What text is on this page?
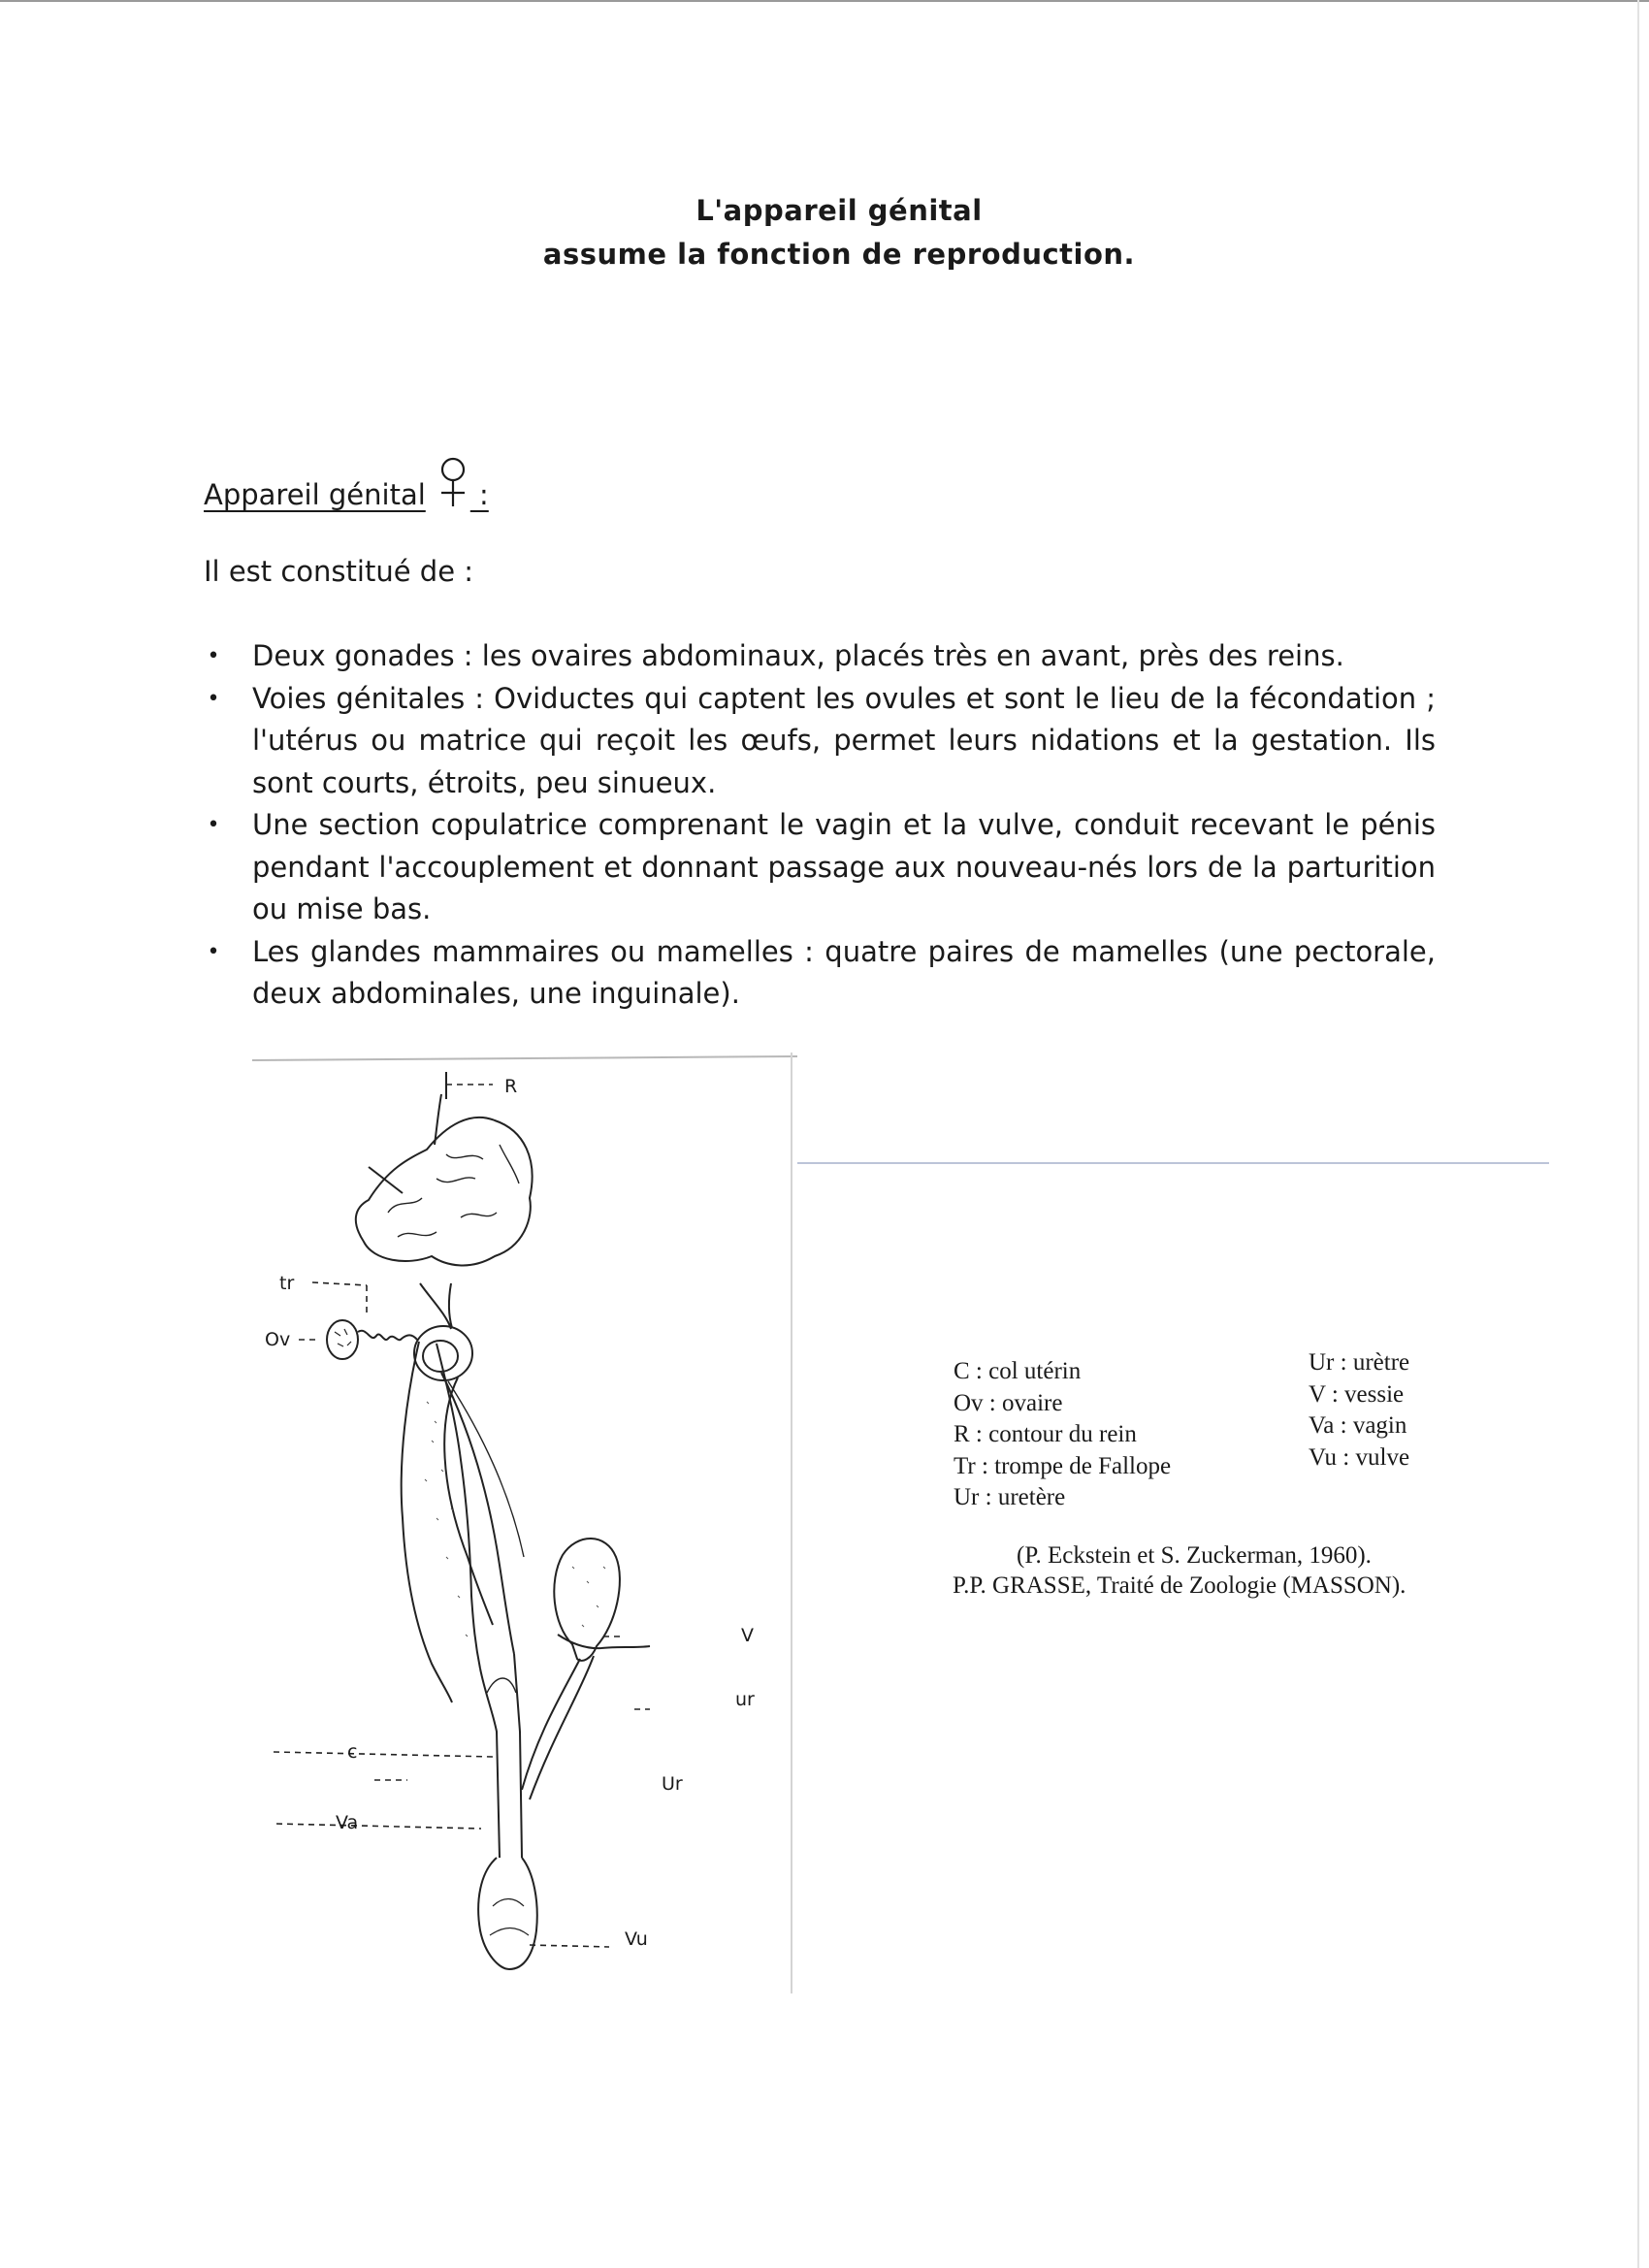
L'appareil génital
assume la fonction de reproduction.
Appareil génital :
Il est constitué de :
• Deux gonades : les ovaires abdominaux, placés très en avant, près des reins.
• Voies génitales : Oviductes qui captent les ovules et sont le lieu de la fécondation ; l'utérus ou matrice qui reçoit les œufs, permet leurs nidations et la gestation. Ils sont courts, étroits, peu sinueux.
• Une section copulatrice comprenant le vagin et la vulve, conduit recevant le pénis pendant l'accouplement et donnant passage aux nouveau-nés lors de la parturition ou mise bas.
• Les glandes mammaires ou mamelles : quatre paires de mamelles (une pectorale, deux abdominales, une inguinale).
R
tr
Ov
V
ur
c
Ur
Va
Vu
C : col utérin
Ov : ovaire
R : contour du rein
Tr : trompe de Fallope
Ur : uretère
Ur : urètre
V : vessie
Va : vagin
Vu : vulve
(P. Eckstein et S. Zuckerman, 1960).
P.P. GRASSE, Traité de Zoologie (MASSON).
